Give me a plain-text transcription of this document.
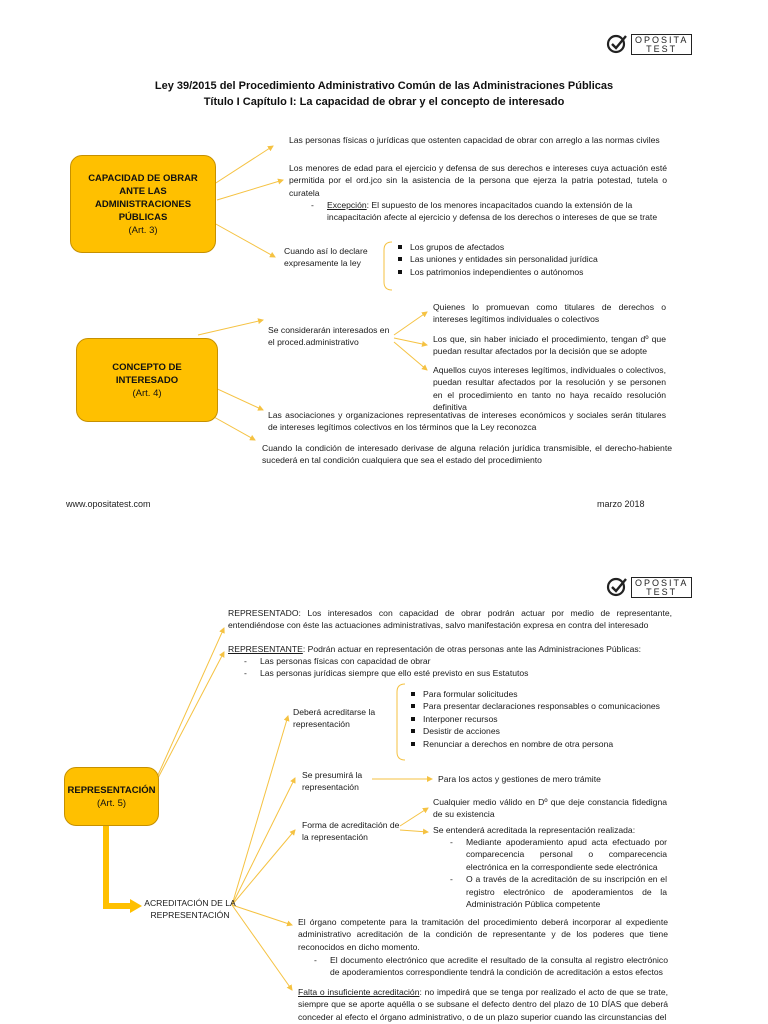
OPOSITA
TEST
Ley 39/2015 del Procedimiento Administrativo Común de las Administraciones Públicas
Título I Capítulo I: La capacidad de obrar y el concepto de interesado
CAPACIDAD DE OBRAR ANTE LAS ADMINISTRACIONES PÚBLICAS
(Art. 3)
Las personas físicas o jurídicas que ostenten capacidad de obrar con arreglo a las normas civiles
Los menores de edad para el ejercicio y defensa de sus derechos e intereses cuya actuación esté permitida por el ord.jco sin la asistencia de la persona que ejerza la patria potestad, tutela o curatela
- Excepción: El supuesto de los menores incapacitados cuando la extensión de la incapacitación afecte al ejercicio y defensa de los derechos o intereses de que se trate
Cuando así lo declare expresamente la ley
Los grupos de afectados
Las uniones y entidades sin personalidad jurídica
Los patrimonios independientes o autónomos
CONCEPTO DE INTERESADO
(Art. 4)
Se considerarán interesados en el proced.administrativo
Quienes lo promuevan como titulares de derechos o intereses legítimos individuales o colectivos
Los que, sin haber iniciado el procedimiento, tengan dº que puedan resultar afectados por la decisión que se adopte
Aquellos cuyos intereses legítimos, individuales o colectivos, puedan resultar afectados por la resolución y se personen en el procedimiento en tanto no haya recaído resolución definitiva
Las asociaciones y organizaciones representativas de intereses económicos y sociales serán titulares de intereses legítimos colectivos en los términos que la Ley reconozca
Cuando la condición de interesado derivase de alguna relación jurídica transmisible, el derecho-habiente sucederá en tal condición cualquiera que sea el estado del procedimiento
www.opositatest.com	marzo 2018
OPOSITA
TEST
REPRESENTADO: Los interesados con capacidad de obrar podrán actuar por medio de representante, entendiéndose con éste las actuaciones administrativas, salvo manifestación expresa en contra del interesado
REPRESENTANTE: Podrán actuar en representación de otras personas ante las Administraciones Públicas:
- Las personas físicas con capacidad de obrar
- Las personas jurídicas siempre que ello esté previsto en sus Estatutos
Deberá acreditarse la representación
Para formular solicitudes
Para presentar declaraciones responsables o comunicaciones
Interponer recursos
Desistir de acciones
Renunciar a derechos en nombre de otra persona
REPRESENTACIÓN
(Art. 5)
Se presumirá la representación
Para los actos y gestiones de mero trámite
Forma de acreditación de la representación
Cualquier medio válido en Dº que deje constancia fidedigna de su existencia
Se entenderá acreditada la representación realizada:
- Mediante apoderamiento apud acta efectuado por comparecencia personal o comparecencia electrónica en la correspondiente sede electrónica
- O a través de la acreditación de su inscripción en el registro electrónico de apoderamientos de la Administración Pública competente
ACREDITACIÓN DE LA REPRESENTACIÓN
El órgano competente para la tramitación del procedimiento deberá incorporar al expediente administrativo acreditación de la condición de representante y de los poderes que tiene reconocidos en dicho momento.
- El documento electrónico que acredite el resultado de la consulta al registro electrónico de apoderamientos correspondiente tendrá la condición de acreditación a estos efectos
Falta o insuficiente acreditación: no impedirá que se tenga por realizado el acto de que se trate, siempre que se aporte aquélla o se subsane el defecto dentro del plazo de 10 DÍAS que deberá conceder al efecto el órgano administrativo, o de un plazo superior cuando las circunstancias del
